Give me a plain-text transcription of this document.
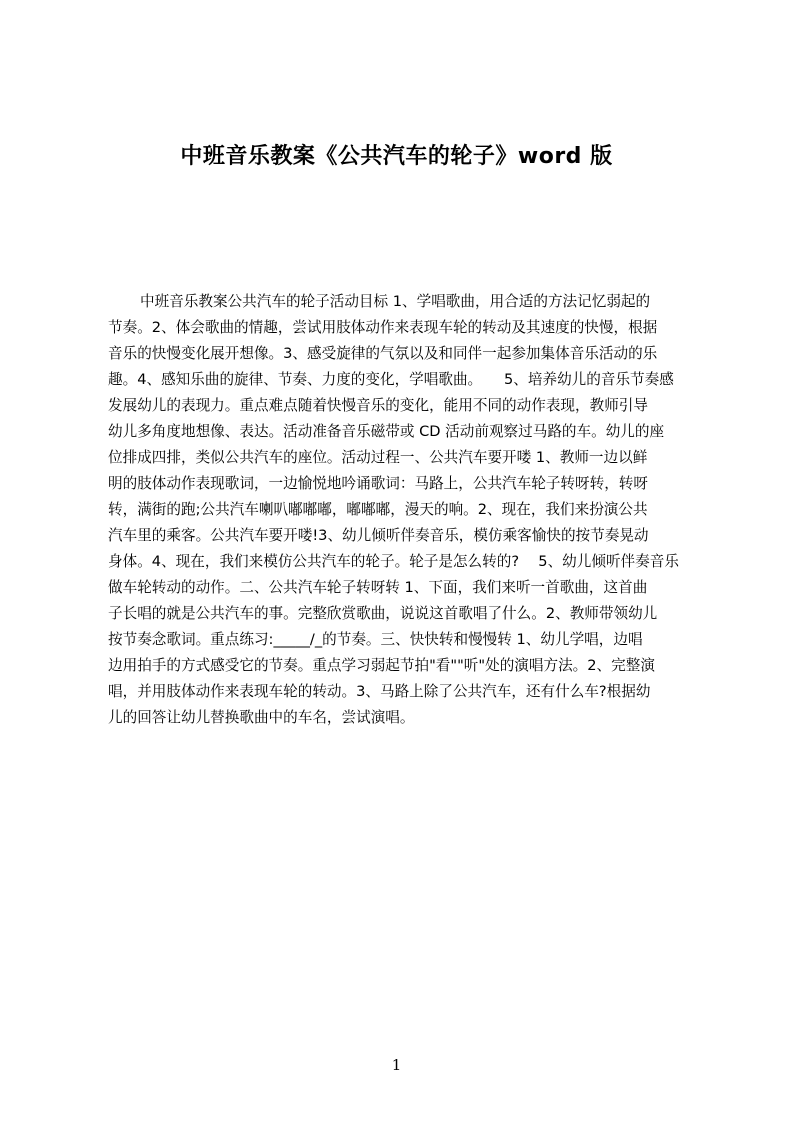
中班音乐教案《公共汽车的轮子》word 版
中班音乐教案公共汽车的轮子活动目标 1、学唱歌曲，用合适的方法记忆弱起的
节奏。2、体会歌曲的情趣，尝试用肢体动作来表现车轮的转动及其速度的快慢，根据
音乐的快慢变化展开想像。3、感受旋律的气氛以及和同伴一起参加集体音乐活动的乐
趣。4、感知乐曲的旋律、节奏、力度的变化，学唱歌曲。　　5、培养幼儿的音乐节奏感
发展幼儿的表现力。重点难点随着快慢音乐的变化，能用不同的动作表现，教师引导
幼儿多角度地想像、表达。活动准备音乐磁带或 CD 活动前观察过马路的车。幼儿的座
位排成四排，类似公共汽车的座位。活动过程一、公共汽车要开喽 1、教师一边以鲜
明的肢体动作表现歌词，一边愉悦地吟诵歌词：马路上，公共汽车轮子转呀转，转呀
转，满街的跑;公共汽车喇叭嘟嘟嘟，嘟嘟嘟，漫天的响。2、现在，我们来扮演公共
汽车里的乘客。公共汽车要开喽!3、幼儿倾听伴奏音乐，模仿乘客愉快的按节奏晃动
身体。4、现在，我们来模仿公共汽车的轮子。轮子是怎么转的?　 5、幼儿倾听伴奏音乐
做车轮转动的动作。二、公共汽车轮子转呀转 1、下面，我们来听一首歌曲，这首曲
子长唱的就是公共汽车的事。完整欣赏歌曲，说说这首歌唱了什么。2、教师带领幼儿
按节奏念歌词。重点练习:_____/_的节奏。三、快快转和慢慢转 1、幼儿学唱，边唱
边用拍手的方式感受它的节奏。重点学习弱起节拍"看""听"处的演唱方法。2、完整演
唱，并用肢体动作来表现车轮的转动。3、马路上除了公共汽车，还有什么车?根据幼
儿的回答让幼儿替换歌曲中的车名，尝试演唱。
1
